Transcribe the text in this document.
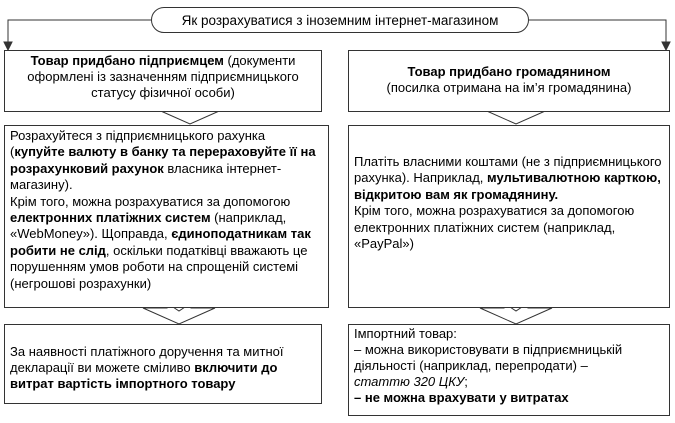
Як розрахуватися з іноземним інтернет-магазином
Товар придбано підприємцем (документи оформлені із зазначенням підприємницького статусу фізичної особи)
Розрахуйтеся з підприємницького рахунка (купуйте валюту в банку та перераховуйте її на розрахунковий рахунок власника інтернет-магазину).
Крім того, можна розрахуватися за допомогою електронних платіжних систем (наприклад, «WebMoney»). Щоправда, єдиноподатникам так робити не слід, оскільки податківці вважають це порушенням умов роботи на спрощеній системі (негрошові розрахунки)
За наявності платіжного доручення та митної декларації ви можете сміливо включити до витрат вартість імпортного товару
Товар придбано громадянином
(посилка отримана на ім’я громадянина)
Платіть власними коштами (не з підприємницького рахунка). Наприклад, мультивалютною карткою, відкритою вам як громадянину.
Крім того, можна розрахуватися за допомогою електронних платіжних систем (наприклад, «PayPal»)
Імпортний товар:
– можна використовувати в підприємницькій діяльності (наприклад, перепродати) –
статтю 320 ЦКУ;
– не можна врахувати у витратах
